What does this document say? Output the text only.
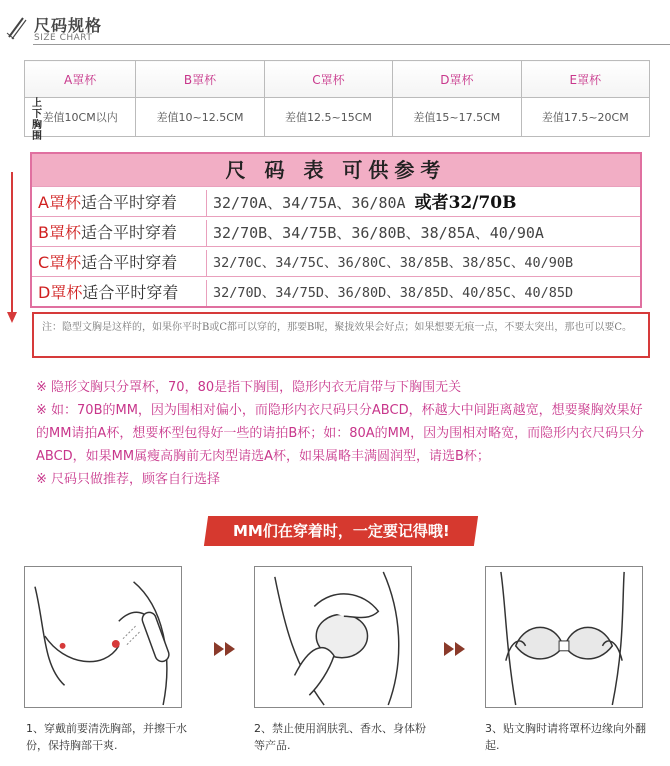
尺码规格
SIZE CHART
A罩杯	B罩杯	C罩杯	D罩杯	E罩杯
差值10CM以内	差值10~12.5CM	差值12.5~15CM	差值15~17.5CM	差值17.5~20CM
上下胸围
尺 码 表 可供参考
A罩杯适合平时穿着	32/70A、34/75A、36/80A 或者32/70B
B罩杯适合平时穿着	32/70B、34/75B、36/80B、38/85A、40/90A
C罩杯适合平时穿着	32/70C、34/75C、36/80C、38/85B、38/85C、40/90B
D罩杯适合平时穿着	32/70D、34/75D、36/80D、38/85D、40/85C、40/85D
注：隐型文胸是这样的，如果你平时B或C都可以穿的，那要B呢，聚拢效果会好点；如果想要无痕一点，不要太突出，那也可以要C。

※ 隐形文胸只分罩杯，70，80是指下胸围，隐形内衣无肩带与下胸围无关

※ 如：70B的MM，因为围相对偏小，而隐形内衣尺码只分ABCD，杯越大中间距离越宽，想要聚胸效果好的MM请拍A杯，想要杯型包得好一些的请拍B杯；如：80A的MM，因为围相对略宽，而隐形内衣尺码只分ABCD，如果MM属瘦高胸前无肉型请选A杯，如果属略丰满圆润型，请选B杯；

※ 尺码只做推荐，顾客自行选择

MM们在穿着时，一定要记得哦!
1、穿戴前要清洗胸部，并擦干水份，保持胸部干爽.
2、禁止使用润肤乳、香水、身体粉等产品.
3、贴文胸时请将罩杯边缘向外翻起.
